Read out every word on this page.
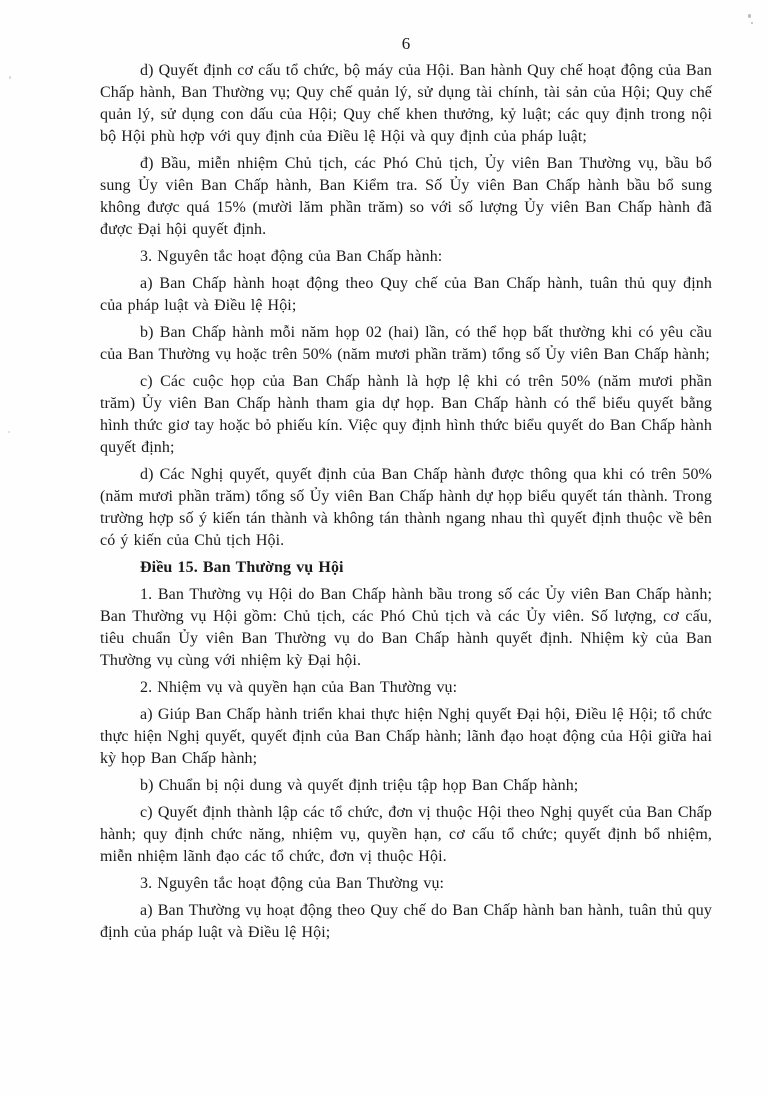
6

d) Quyết định cơ cấu tổ chức, bộ máy của Hội. Ban hành Quy chế hoạt động của Ban Chấp hành, Ban Thường vụ; Quy chế quản lý, sử dụng tài chính, tài sản của Hội; Quy chế quản lý, sử dụng con dấu của Hội; Quy chế khen thưởng, kỷ luật; các quy định trong nội bộ Hội phù hợp với quy định của Điều lệ Hội và quy định của pháp luật;

đ) Bầu, miễn nhiệm Chủ tịch, các Phó Chủ tịch, Ủy viên Ban Thường vụ, bầu bổ sung Ủy viên Ban Chấp hành, Ban Kiểm tra. Số Ủy viên Ban Chấp hành bầu bổ sung không được quá 15% (mười lăm phần trăm) so với số lượng Ủy viên Ban Chấp hành đã được Đại hội quyết định.

3. Nguyên tắc hoạt động của Ban Chấp hành:

a) Ban Chấp hành hoạt động theo Quy chế của Ban Chấp hành, tuân thủ quy định của pháp luật và Điều lệ Hội;

b) Ban Chấp hành mỗi năm họp 02 (hai) lần, có thể họp bất thường khi có yêu cầu của Ban Thường vụ hoặc trên 50% (năm mươi phần trăm) tổng số Ủy viên Ban Chấp hành;

c) Các cuộc họp của Ban Chấp hành là hợp lệ khi có trên 50% (năm mươi phần trăm) Ủy viên Ban Chấp hành tham gia dự họp. Ban Chấp hành có thể biểu quyết bằng hình thức giơ tay hoặc bỏ phiếu kín. Việc quy định hình thức biểu quyết do Ban Chấp hành quyết định;

d) Các Nghị quyết, quyết định của Ban Chấp hành được thông qua khi có trên 50% (năm mươi phần trăm) tổng số Ủy viên Ban Chấp hành dự họp biểu quyết tán thành. Trong trường hợp số ý kiến tán thành và không tán thành ngang nhau thì quyết định thuộc về bên có ý kiến của Chủ tịch Hội.

Điều 15. Ban Thường vụ Hội

1. Ban Thường vụ Hội do Ban Chấp hành bầu trong số các Ủy viên Ban Chấp hành; Ban Thường vụ Hội gồm: Chủ tịch, các Phó Chủ tịch và các Ủy viên. Số lượng, cơ cấu, tiêu chuẩn Ủy viên Ban Thường vụ do Ban Chấp hành quyết định. Nhiệm kỳ của Ban Thường vụ cùng với nhiệm kỳ Đại hội.

2. Nhiệm vụ và quyền hạn của Ban Thường vụ:

a) Giúp Ban Chấp hành triển khai thực hiện Nghị quyết Đại hội, Điều lệ Hội; tổ chức thực hiện Nghị quyết, quyết định của Ban Chấp hành; lãnh đạo hoạt động của Hội giữa hai kỳ họp Ban Chấp hành;

b) Chuẩn bị nội dung và quyết định triệu tập họp Ban Chấp hành;

c) Quyết định thành lập các tổ chức, đơn vị thuộc Hội theo Nghị quyết của Ban Chấp hành; quy định chức năng, nhiệm vụ, quyền hạn, cơ cấu tổ chức; quyết định bổ nhiệm, miễn nhiệm lãnh đạo các tổ chức, đơn vị thuộc Hội.

3. Nguyên tắc hoạt động của Ban Thường vụ:

a) Ban Thường vụ hoạt động theo Quy chế do Ban Chấp hành ban hành, tuân thủ quy định của pháp luật và Điều lệ Hội;
